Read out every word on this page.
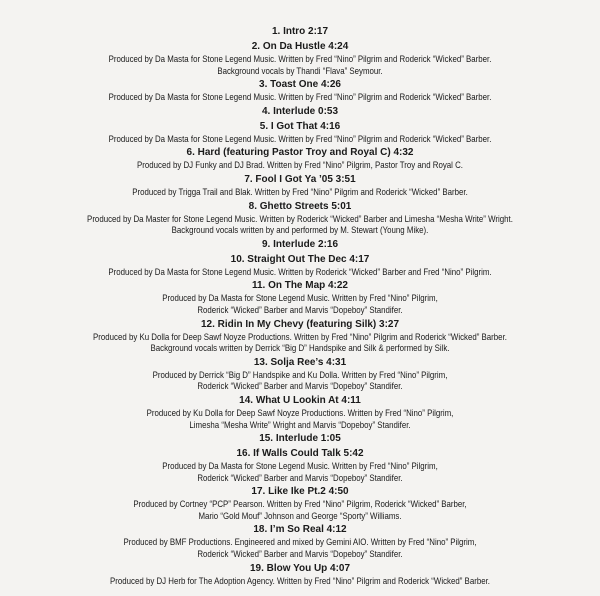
1. Intro 2:17
2. On Da Hustle 4:24
Produced by Da Masta for Stone Legend Music. Written by Fred “Nino” Pilgrim and Roderick “Wicked” Barber.
Background vocals by Thandi “Flava” Seymour.
3. Toast One 4:26
Produced by Da Masta for Stone Legend Music. Written by Fred “Nino” Pilgrim and Roderick “Wicked” Barber.
4. Interlude 0:53
5. I Got That 4:16
Produced by Da Masta for Stone Legend Music. Written by Fred “Nino” Pilgrim and Roderick “Wicked” Barber.
6. Hard (featuring Pastor Troy and Royal C) 4:32
Produced by DJ Funky and DJ Brad. Written by Fred “Nino” Pilgrim, Pastor Troy and Royal C.
7. Fool I Got Ya ’05 3:51
Produced by Trigga Trail and Blak. Written by Fred “Nino” Pilgrim and Roderick “Wicked” Barber.
8. Ghetto Streets 5:01
Produced by Da Master for Stone Legend Music. Written by Roderick “Wicked” Barber and Limesha “Mesha Write” Wright.
Background vocals written by and performed by M. Stewart (Young Mike).
9. Interlude 2:16
10. Straight Out The Dec 4:17
Produced by Da Masta for Stone Legend Music. Written by Roderick “Wicked” Barber and Fred “Nino” Pilgrim.
11. On The Map 4:22
Produced by Da Masta for Stone Legend Music. Written by Fred “Nino” Pilgrim,
Roderick “Wicked” Barber and Marvis “Dopeboy” Standifer.
12. Ridin In My Chevy (featuring Silk) 3:27
Produced by Ku Dolla for Deep Sawf Noyze Productions. Written by Fred “Nino” Pilgrim and Roderick “Wicked” Barber.
Background vocals written by Derrick “Big D” Handspike and Silk & performed by Silk.
13. Solja Ree’s 4:31
Produced by Derrick “Big D” Handspike and Ku Dolla. Written by Fred “Nino” Pilgrim,
Roderick “Wicked” Barber and Marvis “Dopeboy” Standifer.
14. What U Lookin At 4:11
Produced by Ku Dolla for Deep Sawf Noyze Productions. Written by Fred “Nino” Pilgrim,
Limesha “Mesha Write” Wright and Marvis “Dopeboy” Standifer.
15. Interlude 1:05
16. If Walls Could Talk 5:42
Produced by Da Masta for Stone Legend Music. Written by Fred “Nino” Pilgrim,
Roderick “Wicked” Barber and Marvis “Dopeboy” Standifer.
17. Like Ike Pt.2 4:50
Produced by Cortney “PCP” Pearson. Written by Fred “Nino” Pilgrim, Roderick “Wicked” Barber,
Mario “Gold Mouf” Johnson and George “Sporty” Williams.
18. I’m So Real 4:12
Produced by BMF Productions. Engineered and mixed by Gemini AIO. Written by Fred “Nino” Pilgrim,
Roderick “Wicked” Barber and Marvis “Dopeboy” Standifer.
19. Blow You Up 4:07
Produced by DJ Herb for The Adoption Agency. Written by Fred “Nino” Pilgrim and Roderick “Wicked” Barber.
